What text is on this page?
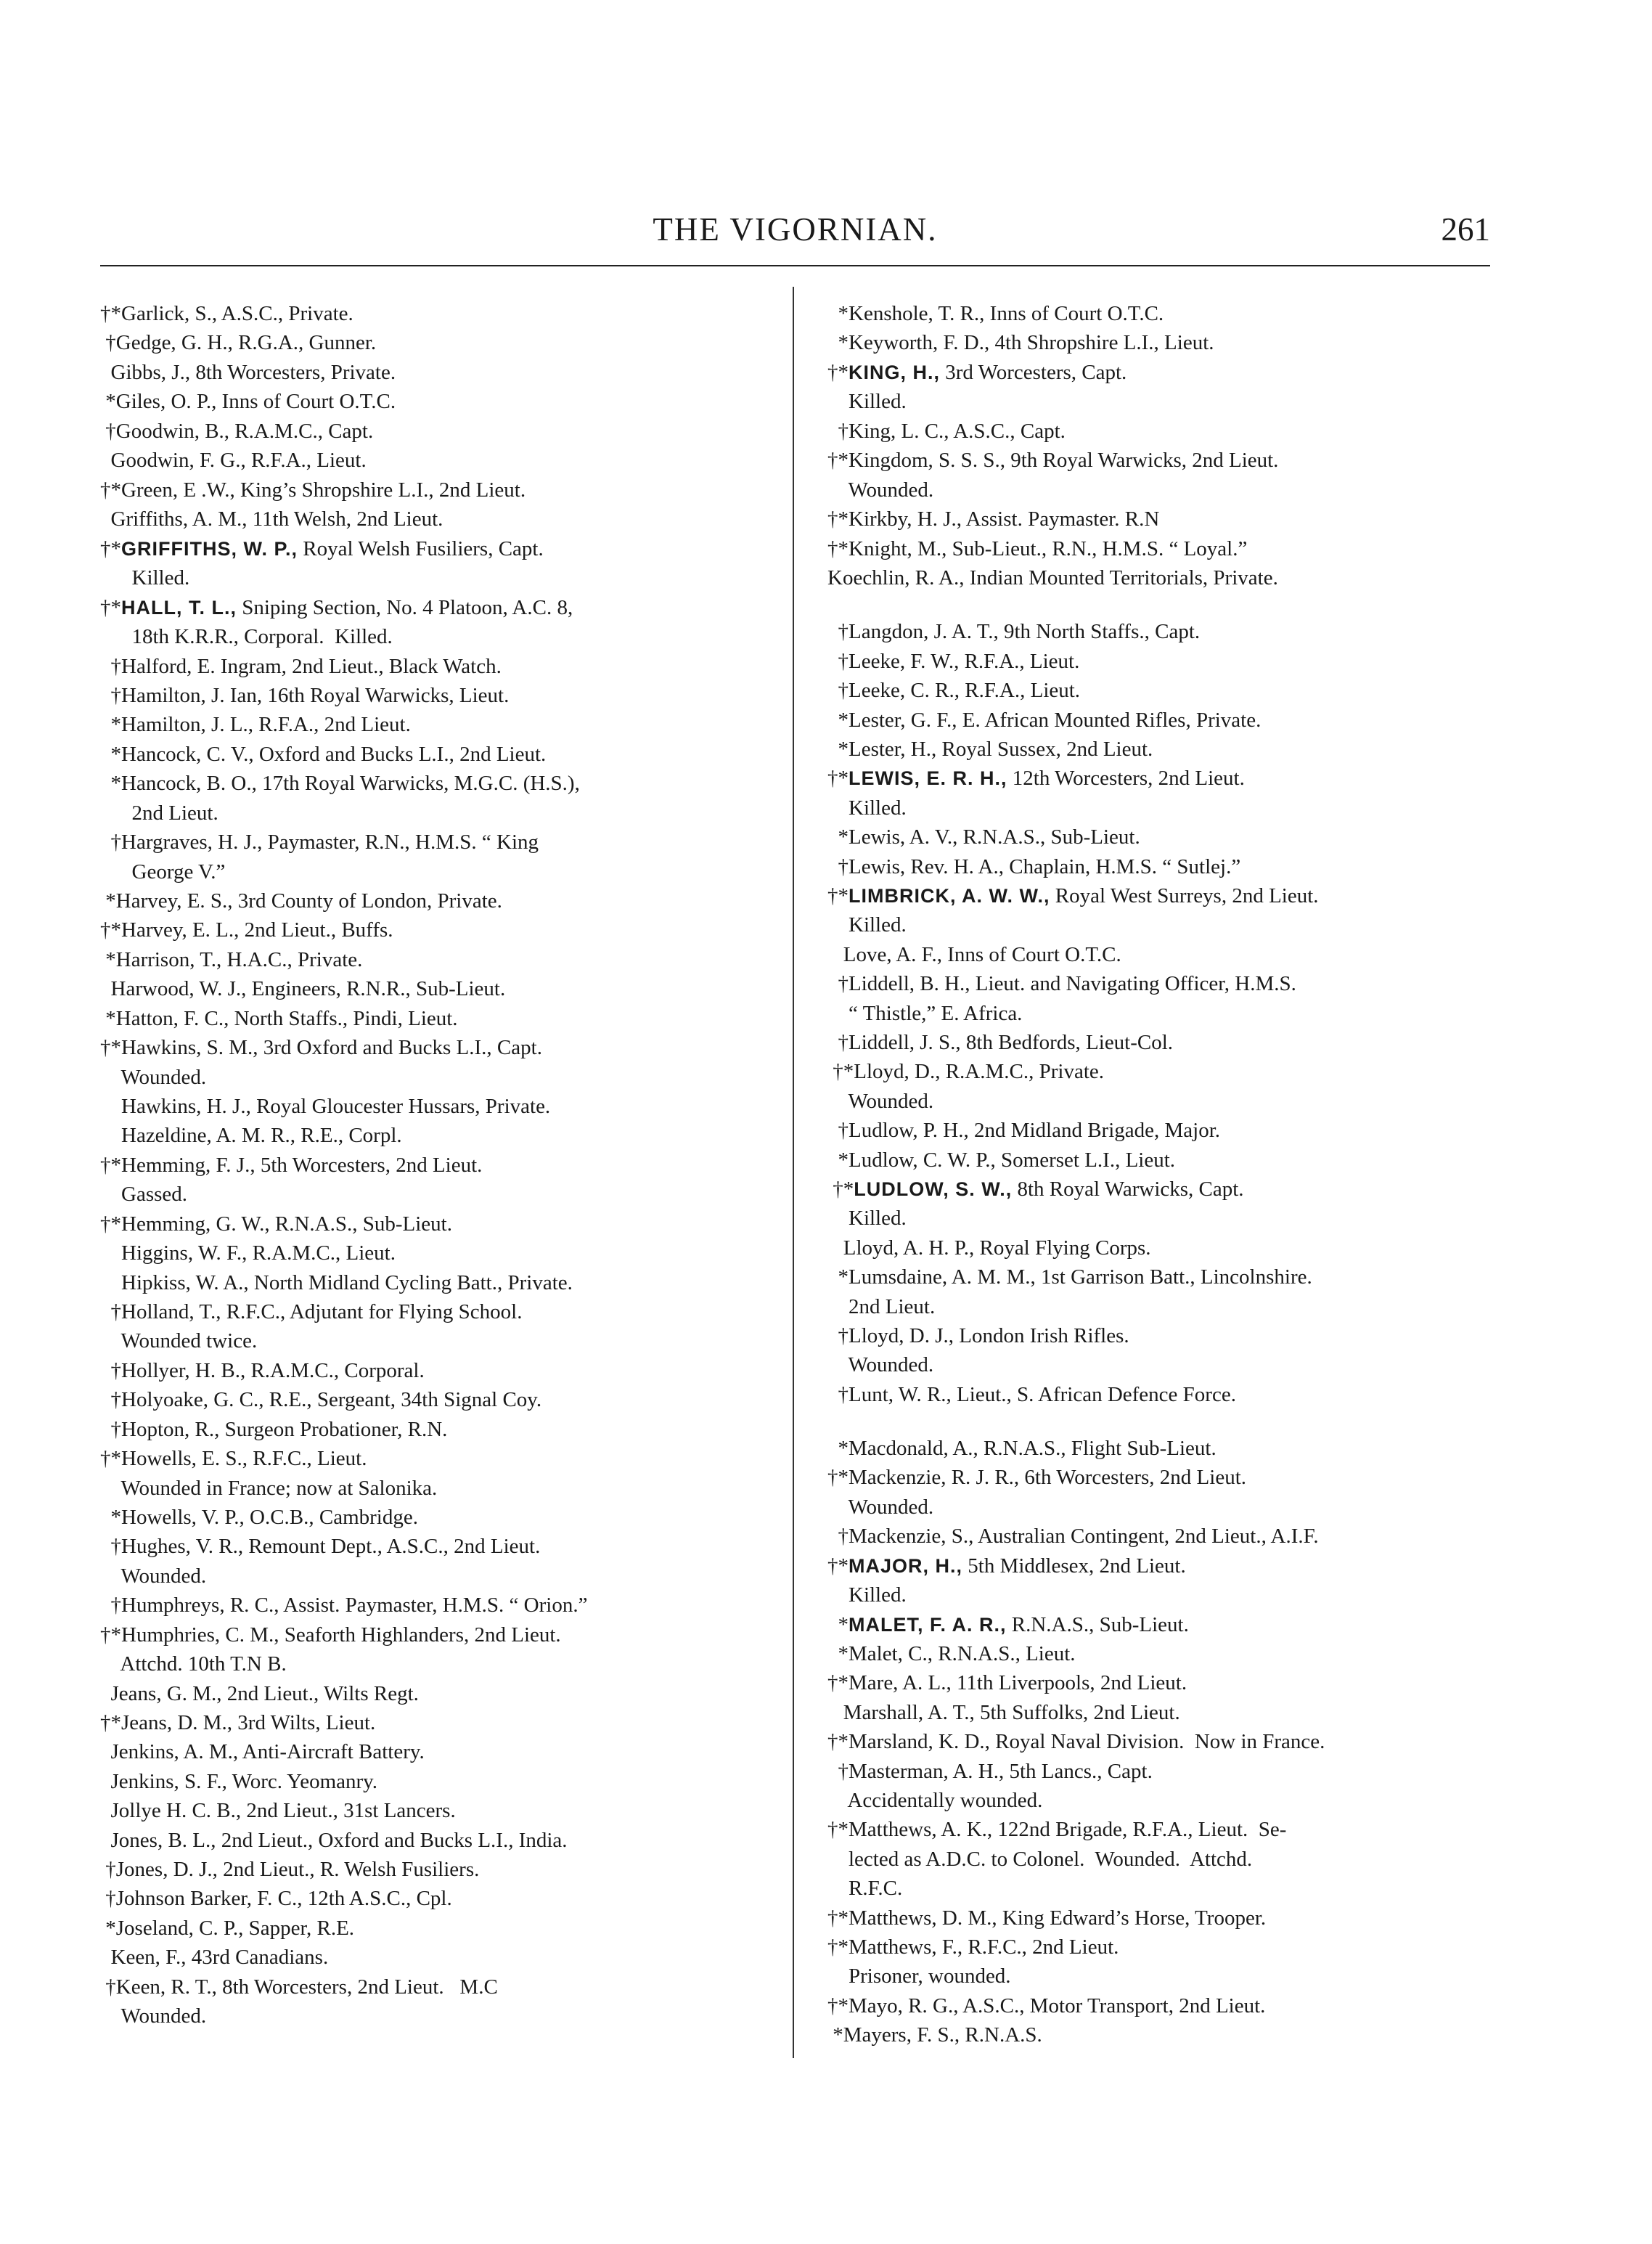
THE VIGORNIAN.	261
†*Garlick, S., A.S.C., Private.
†Gedge, G. H., R.G.A., Gunner.
Gibbs, J., 8th Worcesters, Private.
*Giles, O. P., Inns of Court O.T.C.
†Goodwin, B., R.A.M.C., Capt.
Goodwin, F. G., R.F.A., Lieut.
†*Green, E .W., King’s Shropshire L.I., 2nd Lieut.
Griffiths, A. M., 11th Welsh, 2nd Lieut.
†*GRIFFITHS, W. P., Royal Welsh Fusiliers, Capt.
Killed.
†*HALL, T. L., Sniping Section, No. 4 Platoon, A.C. 8,
18th K.R.R., Corporal.  Killed.
†Halford, E. Ingram, 2nd Lieut., Black Watch.
†Hamilton, J. Ian, 16th Royal Warwicks, Lieut.
*Hamilton, J. L., R.F.A., 2nd Lieut.
*Hancock, C. V., Oxford and Bucks L.I., 2nd Lieut.
*Hancock, B. O., 17th Royal Warwicks, M.G.C. (H.S.),
2nd Lieut.
†Hargraves, H. J., Paymaster, R.N., H.M.S. “ King
George V.”
*Harvey, E. S., 3rd County of London, Private.
†*Harvey, E. L., 2nd Lieut., Buffs.
*Harrison, T., H.A.C., Private.
Harwood, W. J., Engineers, R.N.R., Sub-Lieut.
*Hatton, F. C., North Staffs., Pindi, Lieut.
†*Hawkins, S. M., 3rd Oxford and Bucks L.I., Capt.
Wounded.
Hawkins, H. J., Royal Gloucester Hussars, Private.
Hazeldine, A. M. R., R.E., Corpl.
†*Hemming, F. J., 5th Worcesters, 2nd Lieut.
Gassed.
†*Hemming, G. W., R.N.A.S., Sub-Lieut.
Higgins, W. F., R.A.M.C., Lieut.
Hipkiss, W. A., North Midland Cycling Batt., Private.
†Holland, T., R.F.C., Adjutant for Flying School.
Wounded twice.
†Hollyer, H. B., R.A.M.C., Corporal.
†Holyoake, G. C., R.E., Sergeant, 34th Signal Coy.
†Hopton, R., Surgeon Probationer, R.N.
†*Howells, E. S., R.F.C., Lieut.
Wounded in France; now at Salonika.
*Howells, V. P., O.C.B., Cambridge.
†Hughes, V. R., Remount Dept., A.S.C., 2nd Lieut.
Wounded.
†Humphreys, R. C., Assist. Paymaster, H.M.S. “ Orion.”
†*Humphries, C. M., Seaforth Highlanders, 2nd Lieut.
Attchd. 10th T.N B.
Jeans, G. M., 2nd Lieut., Wilts Regt.
†*Jeans, D. M., 3rd Wilts, Lieut.
Jenkins, A. M., Anti-Aircraft Battery.
Jenkins, S. F., Worc. Yeomanry.
Jollye H. C. B., 2nd Lieut., 31st Lancers.
Jones, B. L., 2nd Lieut., Oxford and Bucks L.I., India.
†Jones, D. J., 2nd Lieut., R. Welsh Fusiliers.
†Johnson Barker, F. C., 12th A.S.C., Cpl.
*Joseland, C. P., Sapper, R.E.
Keen, F., 43rd Canadians.
†Keen, R. T., 8th Worcesters, 2nd Lieut.   M.C
Wounded.
*Kenshole, T. R., Inns of Court O.T.C.
*Keyworth, F. D., 4th Shropshire L.I., Lieut.
†*KING, H., 3rd Worcesters, Capt.
Killed.
†King, L. C., A.S.C., Capt.
†*Kingdom, S. S. S., 9th Royal Warwicks, 2nd Lieut.
Wounded.
†*Kirkby, H. J., Assist. Paymaster. R.N
†*Knight, M., Sub-Lieut., R.N., H.M.S. “ Loyal.”
Koechlin, R. A., Indian Mounted Territorials, Private.
†Langdon, J. A. T., 9th North Staffs., Capt.
†Leeke, F. W., R.F.A., Lieut.
†Leeke, C. R., R.F.A., Lieut.
*Lester, G. F., E. African Mounted Rifles, Private.
*Lester, H., Royal Sussex, 2nd Lieut.
†*LEWIS, E. R. H., 12th Worcesters, 2nd Lieut.
Killed.
*Lewis, A. V., R.N.A.S., Sub-Lieut.
†Lewis, Rev. H. A., Chaplain, H.M.S. “ Sutlej.”
†*LIMBRICK, A. W. W., Royal West Surreys, 2nd Lieut.
Killed.
Love, A. F., Inns of Court O.T.C.
†Liddell, B. H., Lieut. and Navigating Officer, H.M.S.
“ Thistle,” E. Africa.
†Liddell, J. S., 8th Bedfords, Lieut-Col.
†*Lloyd, D., R.A.M.C., Private.
Wounded.
†Ludlow, P. H., 2nd Midland Brigade, Major.
*Ludlow, C. W. P., Somerset L.I., Lieut.
†*LUDLOW, S. W., 8th Royal Warwicks, Capt.
Killed.
Lloyd, A. H. P., Royal Flying Corps.
*Lumsdaine, A. M. M., 1st Garrison Batt., Lincolnshire.
2nd Lieut.
†Lloyd, D. J., London Irish Rifles.
Wounded.
†Lunt, W. R., Lieut., S. African Defence Force.
*Macdonald, A., R.N.A.S., Flight Sub-Lieut.
†*Mackenzie, R. J. R., 6th Worcesters, 2nd Lieut.
Wounded.
†Mackenzie, S., Australian Contingent, 2nd Lieut., A.I.F.
†*MAJOR, H., 5th Middlesex, 2nd Lieut.
Killed.
*MALET, F. A. R., R.N.A.S., Sub-Lieut.
*Malet, C., R.N.A.S., Lieut.
†*Mare, A. L., 11th Liverpools, 2nd Lieut.
Marshall, A. T., 5th Suffolks, 2nd Lieut.
†*Marsland, K. D., Royal Naval Division.  Now in France.
†Masterman, A. H., 5th Lancs., Capt.
Accidentally wounded.
†*Matthews, A. K., 122nd Brigade, R.F.A., Lieut.  Se-
lected as A.D.C. to Colonel.  Wounded.  Attchd.
R.F.C.
†*Matthews, D. M., King Edward’s Horse, Trooper.
†*Matthews, F., R.F.C., 2nd Lieut.
Prisoner, wounded.
†*Mayo, R. G., A.S.C., Motor Transport, 2nd Lieut.
*Mayers, F. S., R.N.A.S.
